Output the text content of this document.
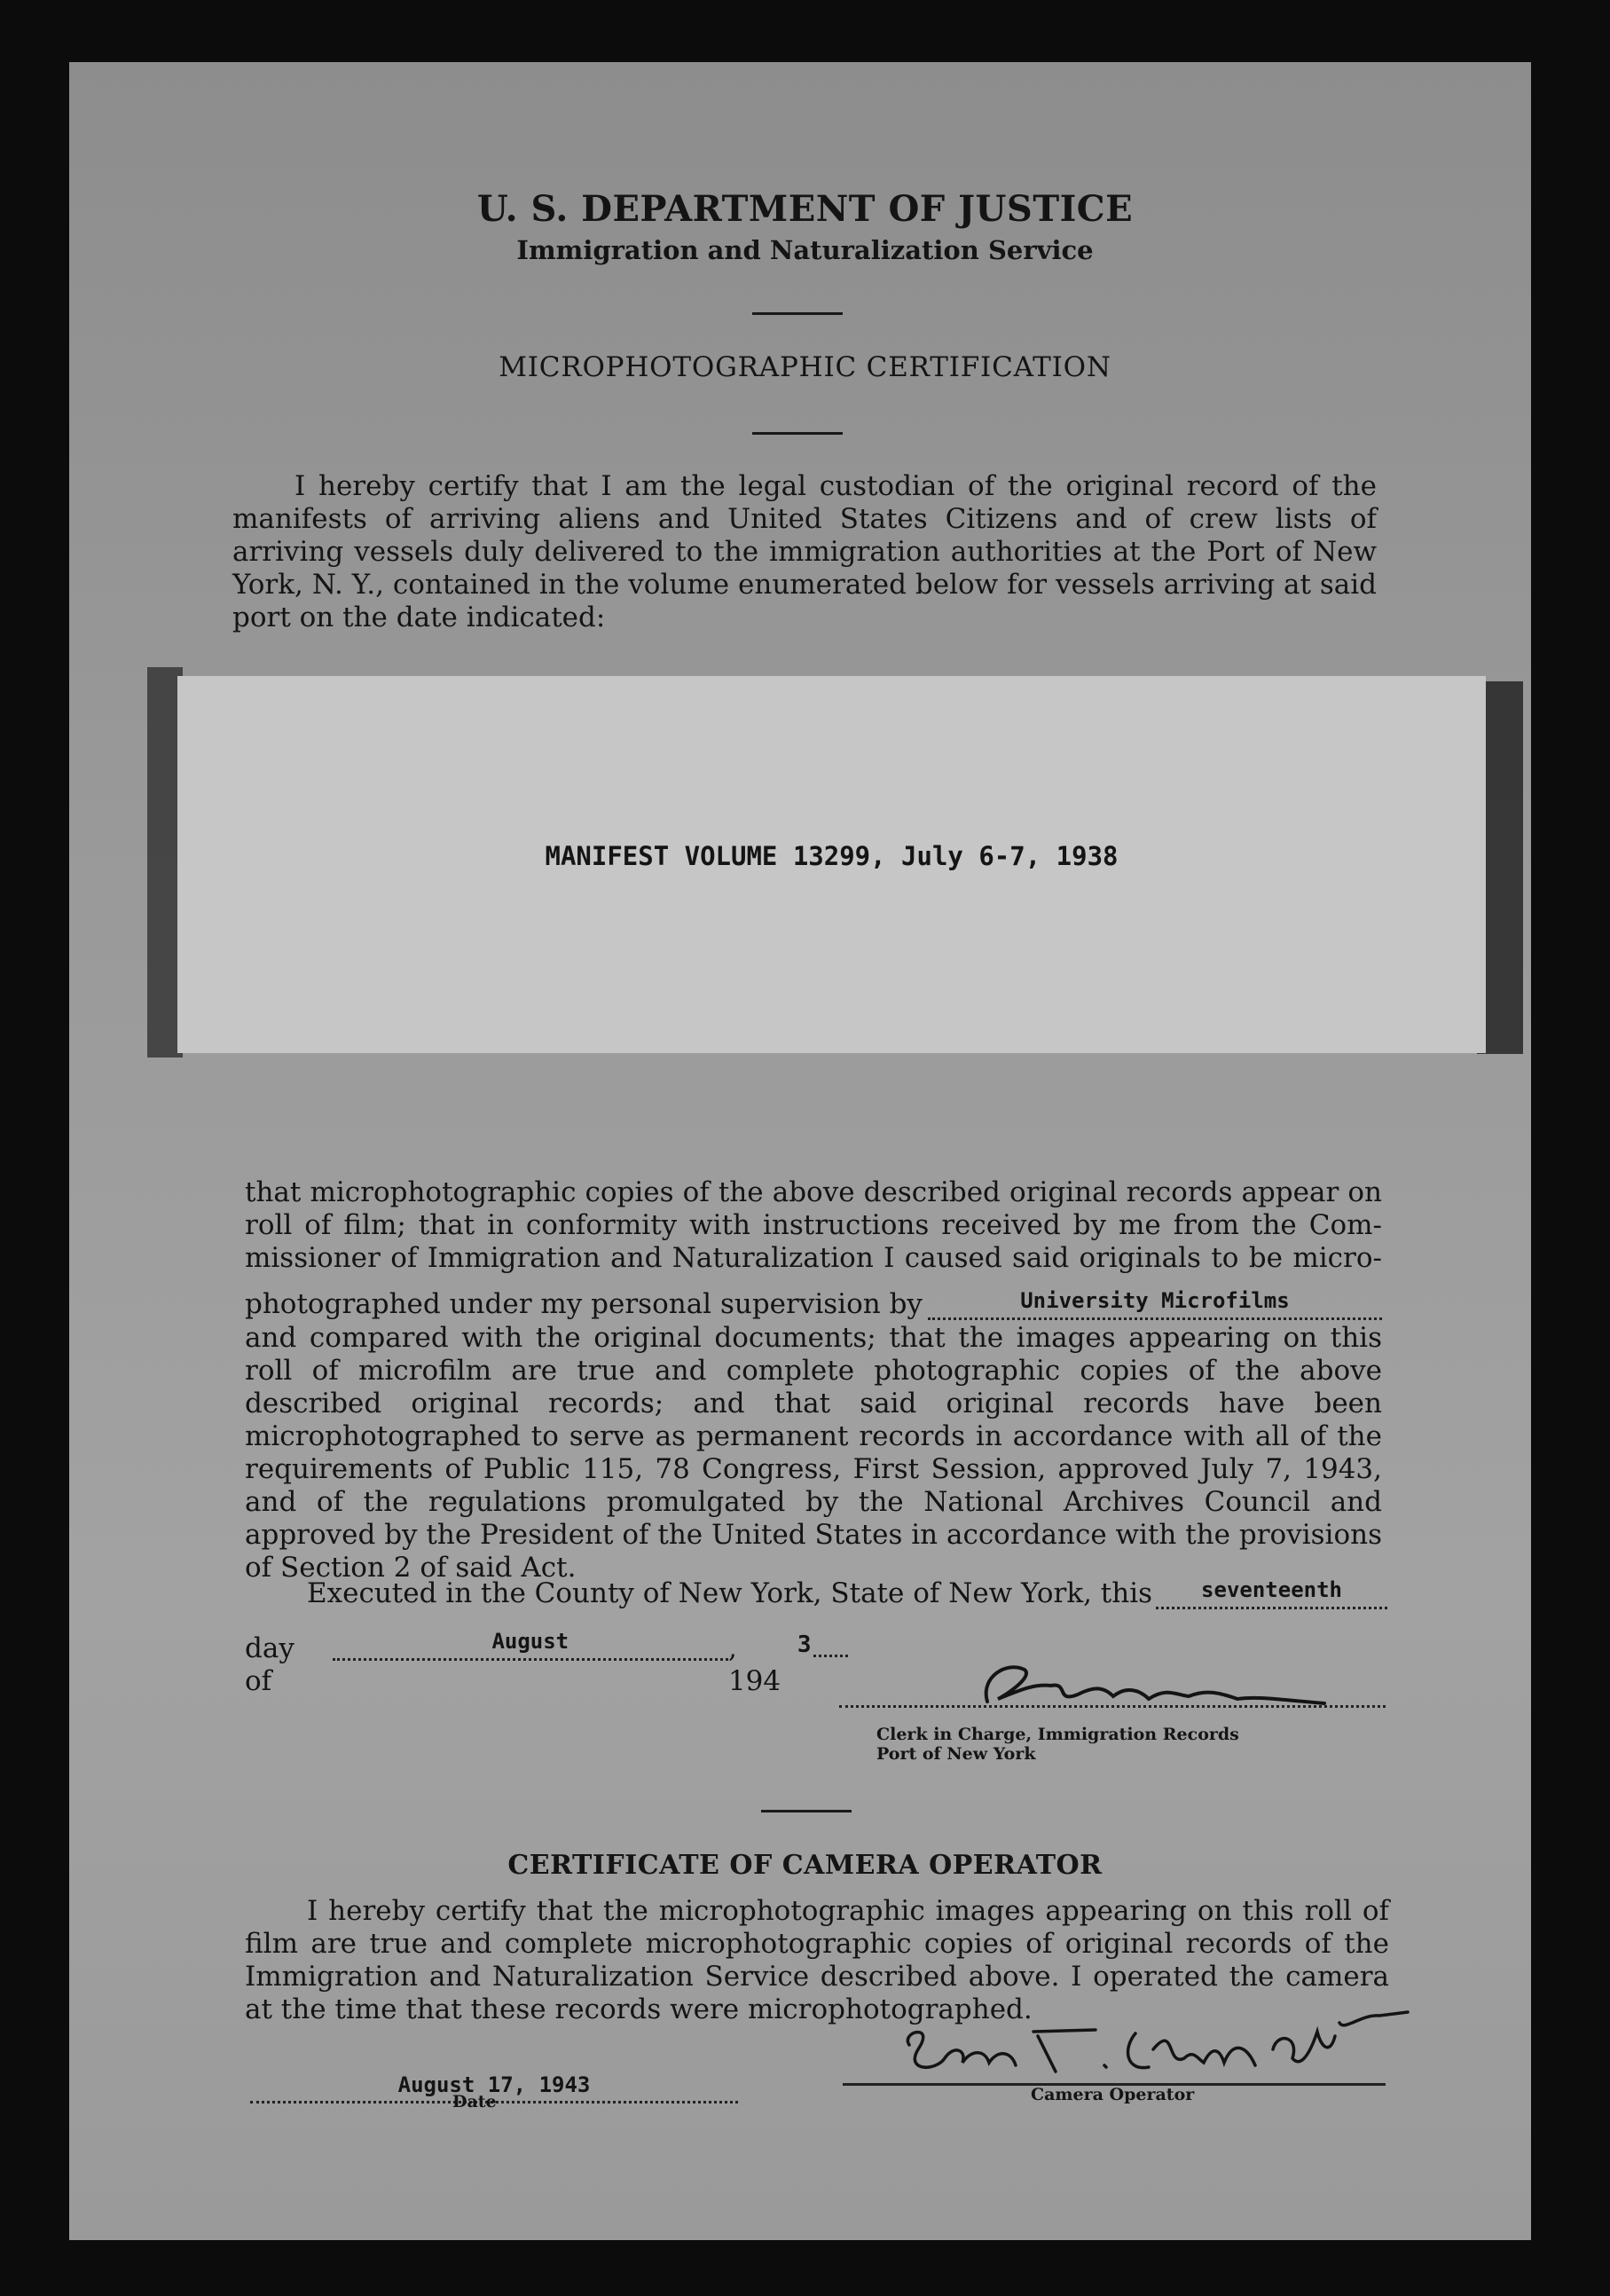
U. S. DEPARTMENT OF JUSTICE
Immigration and Naturalization Service
MICROPHOTOGRAPHIC CERTIFICATION
I hereby certify that I am the legal custodian of the original record of the manifests of arriving aliens and United States Citizens and of crew lists of arriving vessels duly delivered to the immigration authorities at the Port of New York, N. Y., contained in the volume enumerated below for vessels arriving at said port on the date indicated:
MANIFEST VOLUME 13299, July 6-7, 1938
that microphotographic copies of the above described original records appear on
roll of film; that in conformity with instructions received by me from the Com-
missioner of Immigration and Naturalization I caused said originals to be micro-
photographed under my personal supervision by	University Microfilms
and compared with the original documents; that the images appearing on this roll of microfilm are true and complete photographic copies of the above described original records; and that said original records have been microphotographed to serve as permanent records in accordance with all of the requirements of Public 115, 78 Congress, First Session, approved July 7, 1943, and of the regulations promulgated by the National Archives Council and approved by the President of the United States in accordance with the provisions of Section 2 of said Act.
Executed in the County of New York, State of New York, this	seventeenth
day of
August	, 194
3
Clerk in Charge, Immigration Records
Port of New York
CERTIFICATE OF CAMERA OPERATOR
I hereby certify that the microphotographic images appearing on this roll of film are true and complete microphotographic copies of original records of the Immigration and Naturalization Service described above. I operated the camera at the time that these records were microphotographed.
August 17, 1943
Date	Camera Operator
